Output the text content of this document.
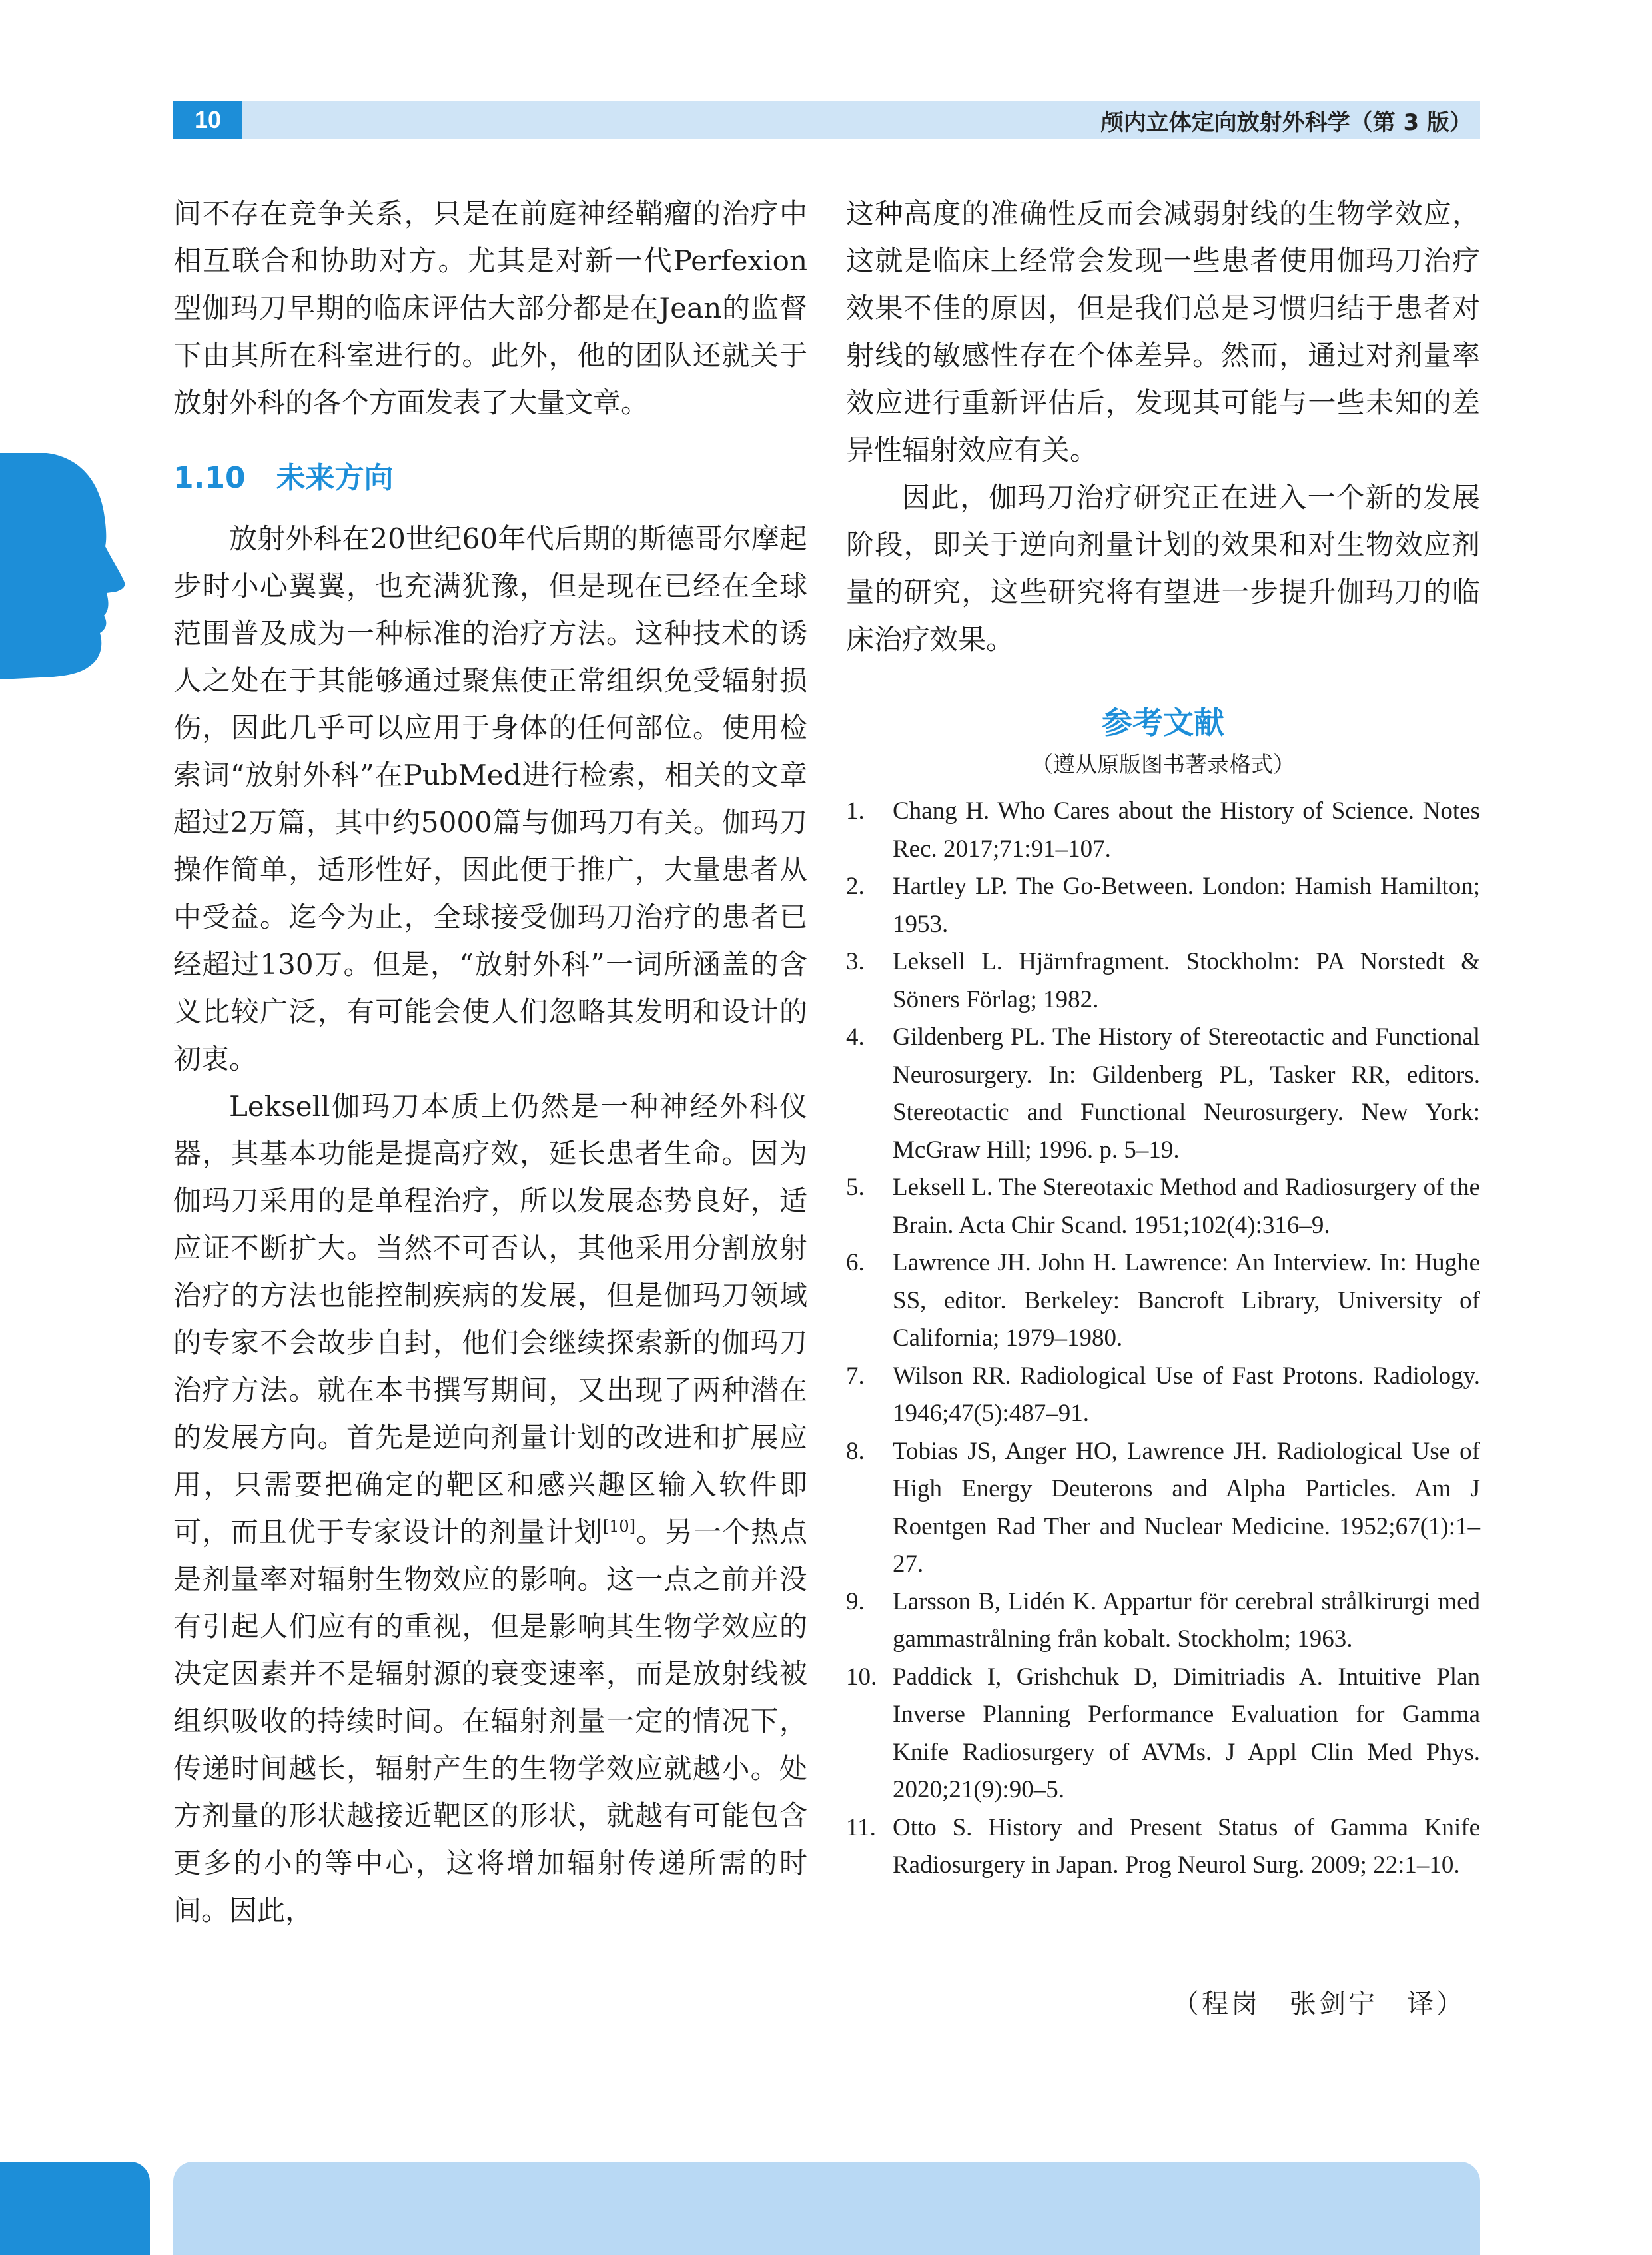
10	颅内立体定向放射外科学（第 3 版）

间不存在竞争关系，只是在前庭神经鞘瘤的治疗中相互联合和协助对方。尤其是对新一代Perfexion型伽玛刀早期的临床评估大部分都是在Jean的监督下由其所在科室进行的。此外，他的团队还就关于放射外科的各个方面发表了大量文章。

1.10 未来方向

放射外科在20世纪60年代后期的斯德哥尔摩起步时小心翼翼，也充满犹豫，但是现在已经在全球范围普及成为一种标准的治疗方法。这种技术的诱人之处在于其能够通过聚焦使正常组织免受辐射损伤，因此几乎可以应用于身体的任何部位。使用检索词“放射外科”在PubMed进行检索，相关的文章超过2万篇，其中约5000篇与伽玛刀有关。伽玛刀操作简单，适形性好，因此便于推广，大量患者从中受益。迄今为止，全球接受伽玛刀治疗的患者已经超过130万。但是，“放射外科”一词所涵盖的含义比较广泛，有可能会使人们忽略其发明和设计的初衷。

Leksell伽玛刀本质上仍然是一种神经外科仪器，其基本功能是提高疗效，延长患者生命。因为伽玛刀采用的是单程治疗，所以发展态势良好，适应证不断扩大。当然不可否认，其他采用分割放射治疗的方法也能控制疾病的发展，但是伽玛刀领域的专家不会故步自封，他们会继续探索新的伽玛刀治疗方法。就在本书撰写期间，又出现了两种潜在的发展方向。首先是逆向剂量计划的改进和扩展应用，只需要把确定的靶区和感兴趣区输入软件即可，而且优于专家设计的剂量计划[10]。另一个热点是剂量率对辐射生物效应的影响。这一点之前并没有引起人们应有的重视，但是影响其生物学效应的决定因素并不是辐射源的衰变速率，而是放射线被组织吸收的持续时间。在辐射剂量一定的情况下，传递时间越长，辐射产生的生物学效应就越小。处方剂量的形状越接近靶区的形状，就越有可能包含更多的小的等中心，这将增加辐射传递所需的时间。因此，

这种高度的准确性反而会减弱射线的生物学效应，这就是临床上经常会发现一些患者使用伽玛刀治疗效果不佳的原因，但是我们总是习惯归结于患者对射线的敏感性存在个体差异。然而，通过对剂量率效应进行重新评估后，发现其可能与一些未知的差异性辐射效应有关。

因此，伽玛刀治疗研究正在进入一个新的发展阶段，即关于逆向剂量计划的效果和对生物效应剂量的研究，这些研究将有望进一步提升伽玛刀的临床治疗效果。

参考文献

（遵从原版图书著录格式）

1.	Chang H. Who Cares about the History of Science. Notes Rec. 2017;71:91–107.
2.	Hartley LP. The Go-Between. London: Hamish Hamilton; 1953.
3.	Leksell L. Hjärnfragment. Stockholm: PA Norstedt & Söners Förlag; 1982.
4.	Gildenberg PL. The History of Stereotactic and Functional Neurosurgery. In: Gildenberg PL, Tasker RR, editors. Stereotactic and Functional Neurosurgery. New York: McGraw Hill; 1996. p. 5–19.
5.	Leksell L. The Stereotaxic Method and Radiosurgery of the Brain. Acta Chir Scand. 1951;102(4):316–9.
6.	Lawrence JH. John H. Lawrence: An Interview. In: Hughe SS, editor. Berkeley: Bancroft Library, University of California; 1979–1980.
7.	Wilson RR. Radiological Use of Fast Protons. Radiology. 1946;47(5):487–91.
8.	Tobias JS, Anger HO, Lawrence JH. Radiological Use of High Energy Deuterons and Alpha Particles. Am J Roentgen Rad Ther and Nuclear Medicine. 1952;67(1):1–27.
9.	Larsson B, Lidén K. Appartur för cerebral strålkirurgi med gammastrålning från kobalt. Stockholm; 1963.
10. Paddick I, Grishchuk D, Dimitriadis A. Intuitive Plan Inverse Planning Performance Evaluation for Gamma Knife Radiosurgery of AVMs. J Appl Clin Med Phys. 2020;21(9):90–5.
11. Otto S. History and Present Status of Gamma Knife Radiosurgery in Japan. Prog Neurol Surg. 2009; 22:1–10.
（程岗　张剑宁　译）
